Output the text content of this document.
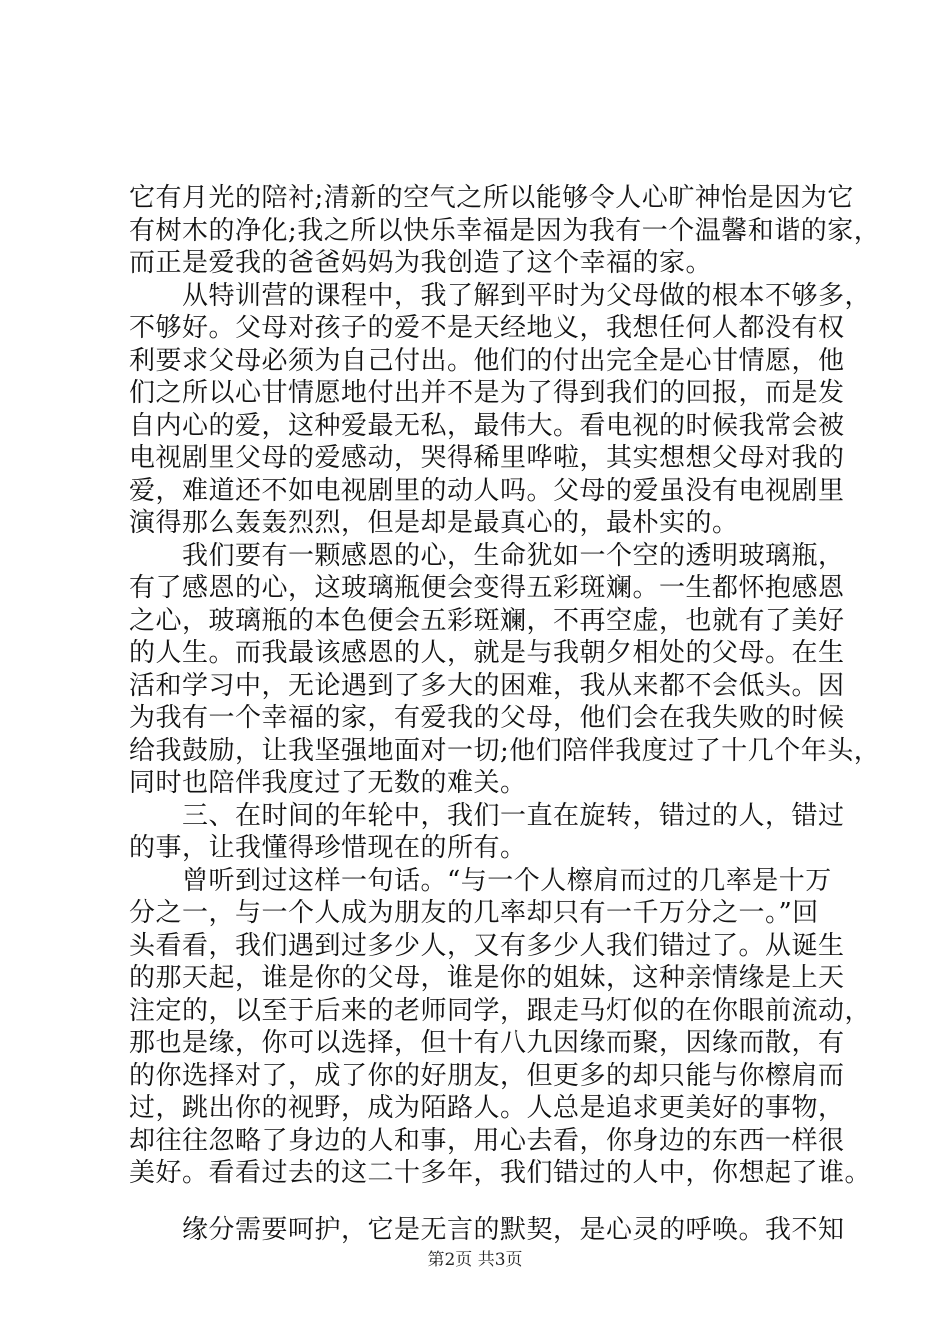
它有月光的陪衬;清新的空气之所以能够令人心旷神怡是因为它
有树木的净化;我之所以快乐幸福是因为我有一个温馨和谐的家，
而正是爱我的爸爸妈妈为我创造了这个幸福的家。
　　从特训营的课程中，我了解到平时为父母做的根本不够多，
不够好。父母对孩子的爱不是天经地义，我想任何人都没有权
利要求父母必须为自己付出。他们的付出完全是心甘情愿，他
们之所以心甘情愿地付出并不是为了得到我们的回报，而是发
自内心的爱，这种爱最无私，最伟大。看电视的时候我常会被
电视剧里父母的爱感动，哭得稀里哗啦，其实想想父母对我的
爱，难道还不如电视剧里的动人吗。父母的爱虽没有电视剧里
演得那么轰轰烈烈，但是却是最真心的，最朴实的。
　　我们要有一颗感恩的心，生命犹如一个空的透明玻璃瓶，
有了感恩的心，这玻璃瓶便会变得五彩斑斓。一生都怀抱感恩
之心，玻璃瓶的本色便会五彩斑斓，不再空虚，也就有了美好
的人生。而我最该感恩的人，就是与我朝夕相处的父母。在生
活和学习中，无论遇到了多大的困难，我从来都不会低头。因
为我有一个幸福的家，有爱我的父母，他们会在我失败的时候
给我鼓励，让我坚强地面对一切;他们陪伴我度过了十几个年头，
同时也陪伴我度过了无数的难关。
　　三、在时间的年轮中，我们一直在旋转，错过的人，错过
的事，让我懂得珍惜现在的所有。
　　曾听到过这样一句话。“与一个人檫肩而过的几率是十万
分之一，与一个人成为朋友的几率却只有一千万分之一。”回
头看看，我们遇到过多少人，又有多少人我们错过了。从诞生
的那天起，谁是你的父母，谁是你的姐妹，这种亲情缘是上天
注定的，以至于后来的老师同学，跟走马灯似的在你眼前流动，
那也是缘，你可以选择，但十有八九因缘而聚，因缘而散，有
的你选择对了，成了你的好朋友，但更多的却只能与你檫肩而
过，跳出你的视野，成为陌路人。人总是追求更美好的事物，
却往往忽略了身边的人和事，用心去看，你身边的东西一样很
美好。看看过去的这二十多年，我们错过的人中，你想起了谁。
　　缘分需要呵护，它是无言的默契，是心灵的呼唤。我不知
第2页 共3页
